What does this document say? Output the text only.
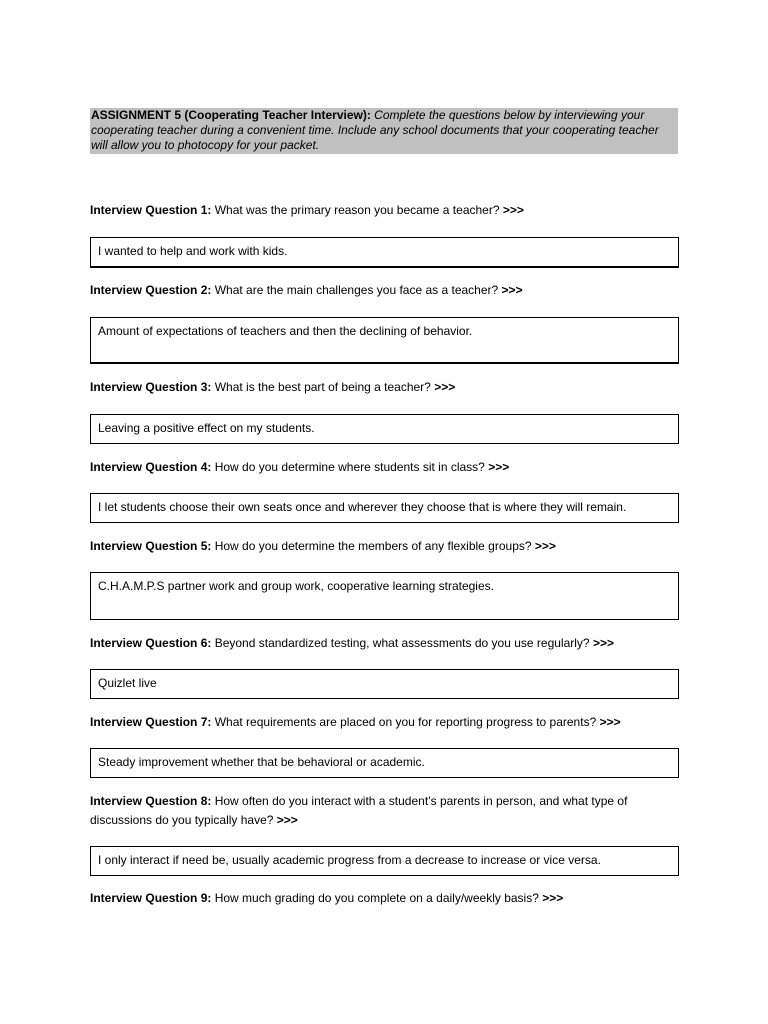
ASSIGNMENT 5 (Cooperating Teacher Interview): Complete the questions below by interviewing your cooperating teacher during a convenient time. Include any school documents that your cooperating teacher will allow you to photocopy for your packet.
Interview Question 1: What was the primary reason you became a teacher? >>>
I wanted to help and work with kids.
Interview Question 2: What are the main challenges you face as a teacher? >>>
Amount of expectations of teachers and then the declining of behavior.
Interview Question 3: What is the best part of being a teacher? >>>
Leaving a positive effect on my students.
Interview Question 4: How do you determine where students sit in class? >>>
I let students choose their own seats once and wherever they choose that is where they will remain.
Interview Question 5: How do you determine the members of any flexible groups? >>>
C.H.A.M.P.S partner work and group work, cooperative learning strategies.
Interview Question 6: Beyond standardized testing, what assessments do you use regularly? >>>
Quizlet live
Interview Question 7: What requirements are placed on you for reporting progress to parents? >>>
Steady improvement whether that be behavioral or academic.
Interview Question 8: How often do you interact with a student’s parents in person, and what type of discussions do you typically have? >>>
I only interact if need be, usually academic progress from a decrease to increase or vice versa.
Interview Question 9: How much grading do you complete on a daily/weekly basis? >>>
